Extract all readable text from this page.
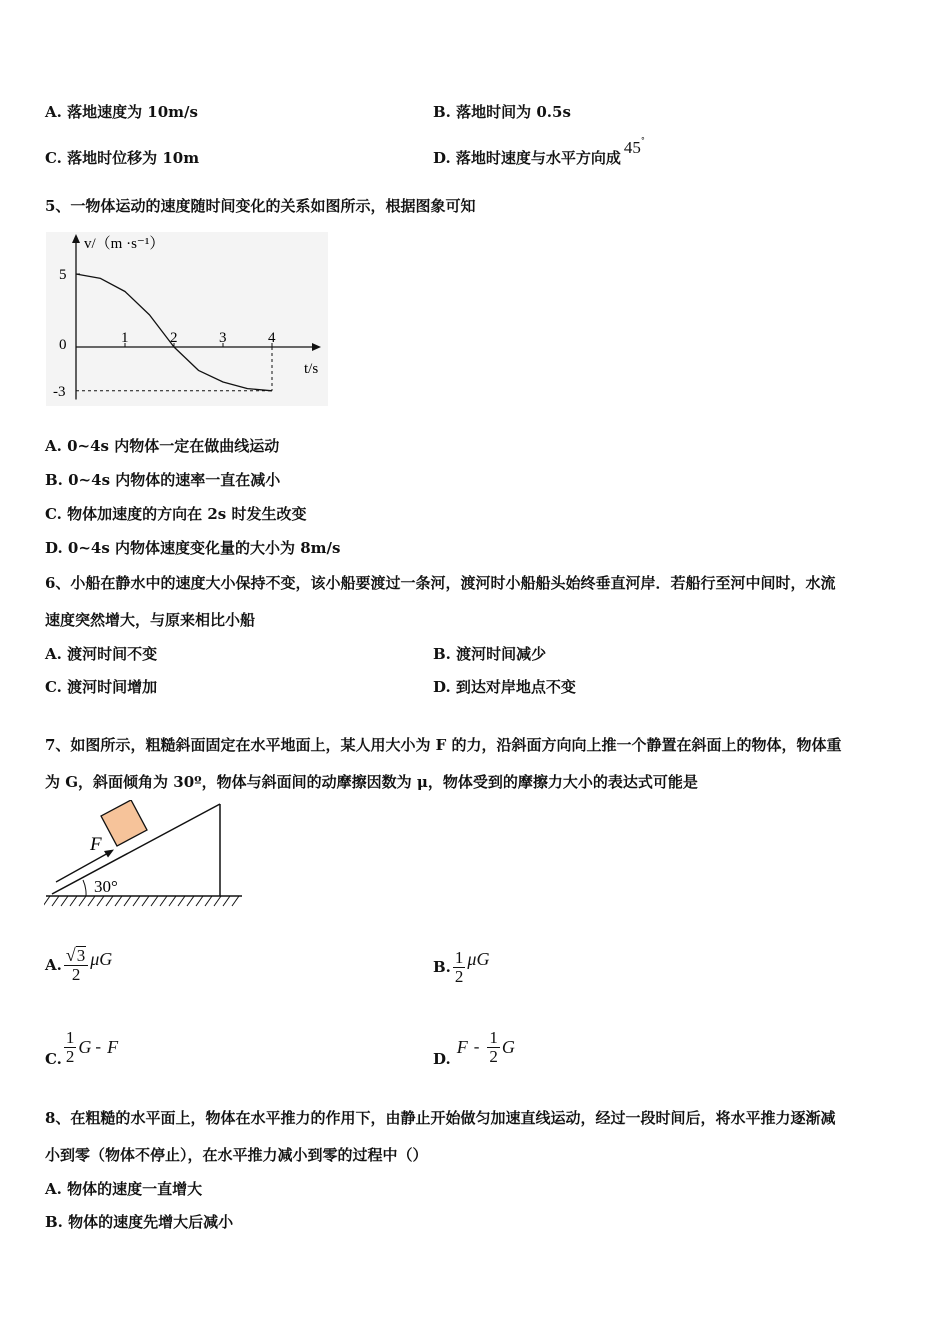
A. 落地速度为 10m/s	B. 落地时间为 0.5s
C. 落地时位移为 10m	D. 落地时速度与水平方向成45°
5、一物体运动的速度随时间变化的关系如图所示，根据图象可知
1	2	3	4
5
0
-3
v/（m ·s⁻¹）
t/s
A. 0~4s 内物体一定在做曲线运动
B. 0~4s 内物体的速率一直在减小
C. 物体加速度的方向在 2s 时发生改变
D. 0~4s 内物体速度变化量的大小为 8m/s
6、小船在静水中的速度大小保持不变，该小船要渡过一条河，渡河时小船船头始终垂直河岸．若船行至河中间时，水流
速度突然增大，与原来相比小船
A. 渡河时间不变	B. 渡河时间减少
C. 渡河时间增加	D. 到达对岸地点不变
7、如图所示，粗糙斜面固定在水平地面上，某人用大小为 F 的力，沿斜面方向向上推一个静置在斜面上的物体，物体重
为 G，斜面倾角为 30º，物体与斜面间的动摩擦因数为 μ，物体受到的摩擦力大小的表达式可能是
F
30°
A. $\frac{√ 3}{2}$ μG	B. $\frac{1}{2}$ μG
C. $\frac{1}{2}$ G - F
D.
F - $\frac{1}{2}$ G
8、在粗糙的水平面上，物体在水平推力的作用下，由静止开始做匀加速直线运动，经过一段时间后，将水平推力逐渐减
小到零（物体不停止），在水平推力减小到零的过程中（）
A. 物体的速度一直增大
B. 物体的速度先增大后减小
